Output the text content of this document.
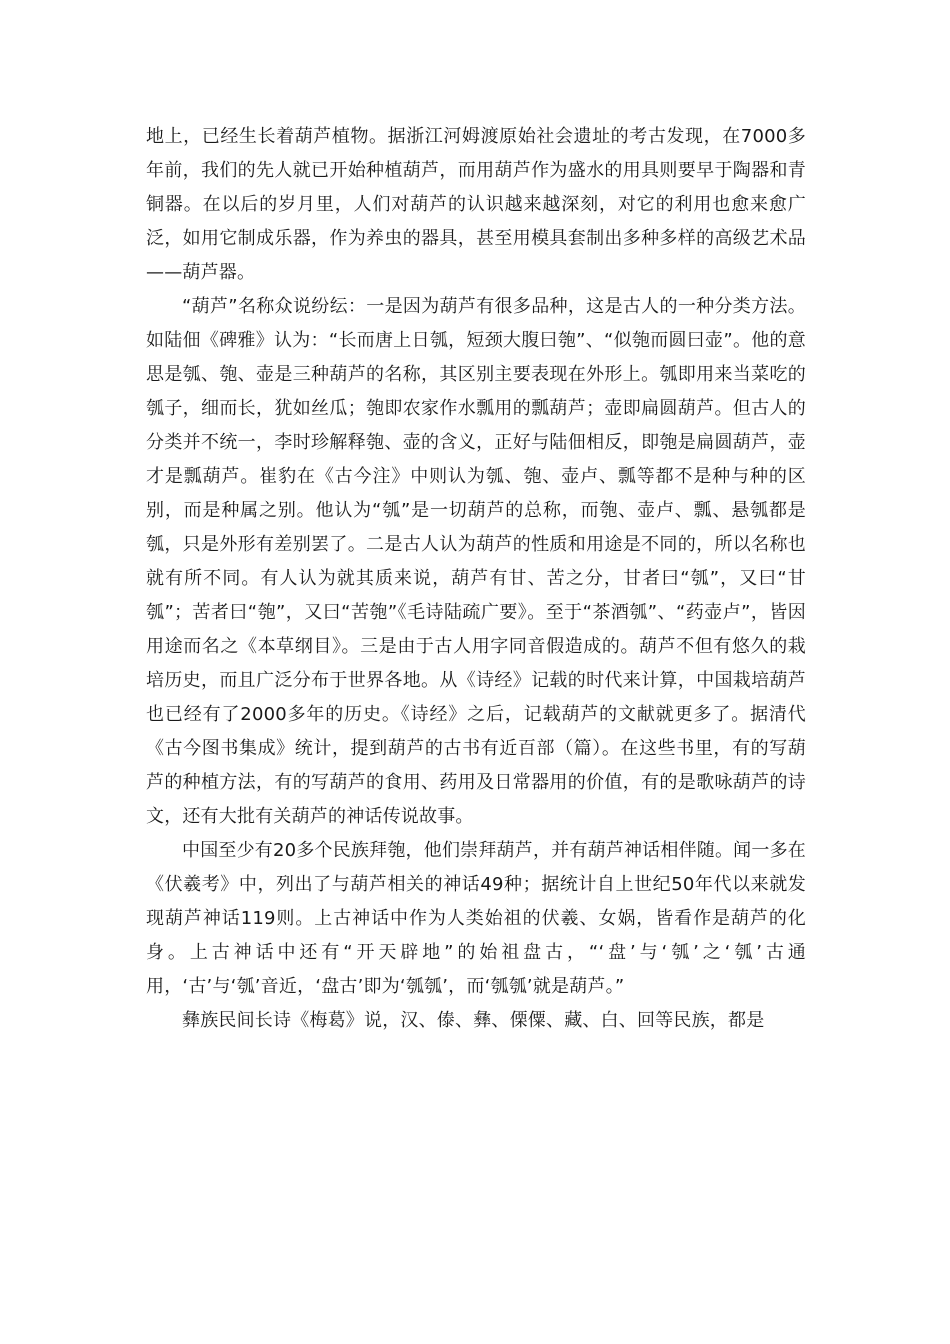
地上，已经生长着葫芦植物。据浙江河姆渡原始社会遗址的考古发现，在7000多年前，我们的先人就已开始种植葫芦，而用葫芦作为盛水的用具则要早于陶器和青铜器。在以后的岁月里，人们对葫芦的认识越来越深刻，对它的利用也愈来愈广泛，如用它制成乐器，作为养虫的器具，甚至用模具套制出多种多样的高级艺术品——葫芦器。

“葫芦”名称众说纷纭：一是因为葫芦有很多品种，这是古人的一种分类方法。如陆佃《碑雅》认为：“长而唐上日瓠，短颈大腹曰匏”、“似匏而圆曰壶”。他的意思是瓠、匏、壶是三种葫芦的名称，其区别主要表现在外形上。瓠即用来当菜吃的瓠子，细而长，犹如丝瓜；匏即农家作水瓢用的瓢葫芦；壶即扁圆葫芦。但古人的分类并不统一，李时珍解释匏、壶的含义，正好与陆佃相反，即匏是扁圆葫芦，壶才是瓢葫芦。崔豹在《古今注》中则认为瓠、匏、壶卢、瓢等都不是种与种的区别，而是种属之别。他认为“瓠”是一切葫芦的总称，而匏、壶卢、瓢、悬瓠都是瓠，只是外形有差别罢了。二是古人认为葫芦的性质和用途是不同的，所以名称也就有所不同。有人认为就其质来说，葫芦有甘、苦之分，甘者曰“瓠”，又曰“甘瓠”；苦者曰“匏”，又曰“苦匏”《毛诗陆疏广要》。至于“茶酒瓠”、“药壶卢”，皆因用途而名之《本草纲目》。三是由于古人用字同音假造成的。葫芦不但有悠久的栽培历史，而且广泛分布于世界各地。从《诗经》记载的时代来计算，中国栽培葫芦也已经有了2000多年的历史。《诗经》之后，记载葫芦的文献就更多了。据清代《古今图书集成》统计，提到葫芦的古书有近百部（篇）。在这些书里，有的写葫芦的种植方法，有的写葫芦的食用、药用及日常器用的价值，有的是歌咏葫芦的诗文，还有大批有关葫芦的神话传说故事。

中国至少有20多个民族拜匏，他们崇拜葫芦，并有葫芦神话相伴随。闻一多在《伏羲考》中，列出了与葫芦相关的神话49种；据统计自上世纪50年代以来就发现葫芦神话119则。上古神话中作为人类始祖的伏羲、女娲，皆看作是葫芦的化身。上古神话中还有“开天辟地”的始祖盘古，“‘盘’与‘瓠’之‘瓠’古通用，‘古’与‘瓠’音近，‘盘古’即为‘瓠瓠’，而‘瓠瓠’就是葫芦。”

彝族民间长诗《梅葛》说，汉、傣、彝、傈僳、藏、白、回等民族，都是
